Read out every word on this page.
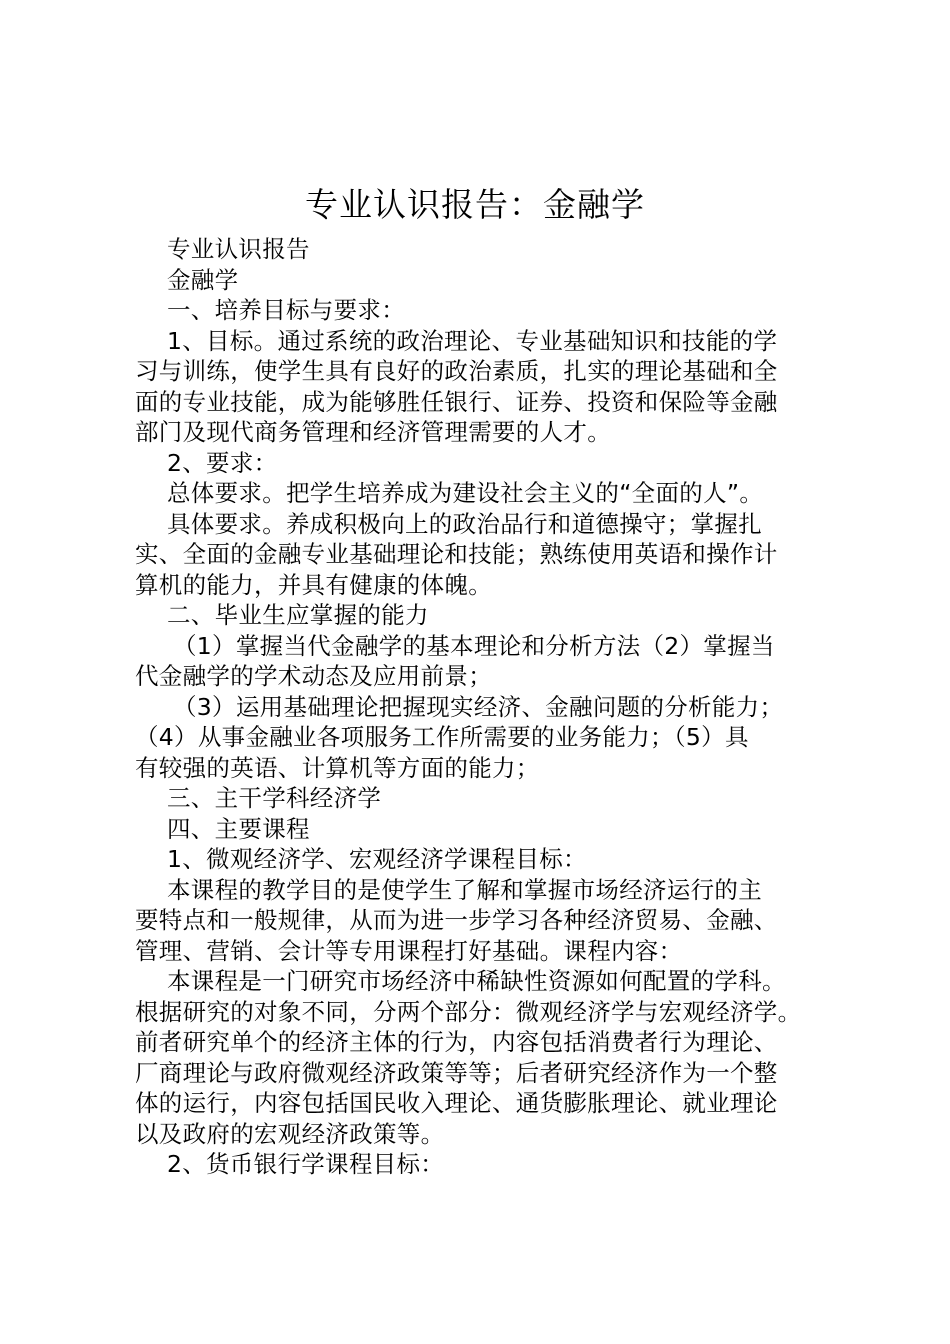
专业认识报告：金融学
专业认识报告
金融学
一、培养目标与要求：
1、目标。通过系统的政治理论、专业基础知识和技能的学
习与训练，使学生具有良好的政治素质，扎实的理论基础和全
面的专业技能，成为能够胜任银行、证券、投资和保险等金融
部门及现代商务管理和经济管理需要的人才。
2、要求：
总体要求。把学生培养成为建设社会主义的“全面的人”。
具体要求。养成积极向上的政治品行和道德操守；掌握扎
实、全面的金融专业基础理论和技能；熟练使用英语和操作计
算机的能力，并具有健康的体魄。
二、毕业生应掌握的能力
（1）掌握当代金融学的基本理论和分析方法（2）掌握当
代金融学的学术动态及应用前景；
（3）运用基础理论把握现实经济、金融问题的分析能力；
（4）从事金融业各项服务工作所需要的业务能力；（5）具
有较强的英语、计算机等方面的能力；
三、主干学科经济学
四、主要课程
1、微观经济学、宏观经济学课程目标：
本课程的教学目的是使学生了解和掌握市场经济运行的主
要特点和一般规律，从而为进一步学习各种经济贸易、金融、
管理、营销、会计等专用课程打好基础。课程内容：
本课程是一门研究市场经济中稀缺性资源如何配置的学科。
根据研究的对象不同，分两个部分：微观经济学与宏观经济学。
前者研究单个的经济主体的行为，内容包括消费者行为理论、
厂商理论与政府微观经济政策等等；后者研究经济作为一个整
体的运行，内容包括国民收入理论、通货膨胀理论、就业理论
以及政府的宏观经济政策等。
2、货币银行学课程目标：
